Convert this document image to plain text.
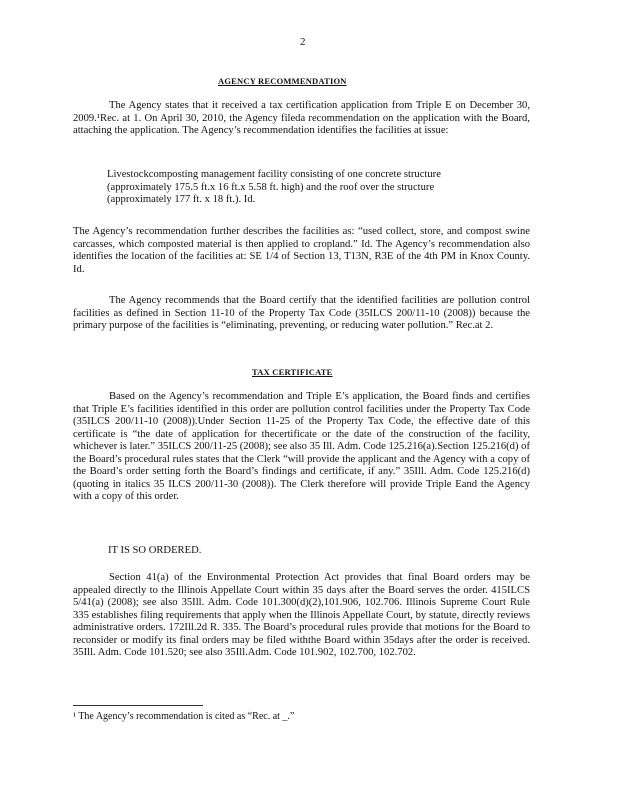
2
AGENCY RECOMMENDATION
The Agency states that it received a tax certification application from Triple E on December 30, 2009.¹Rec. at 1. On April 30, 2010, the Agency fileda recommendation on the application with the Board, attaching the application. The Agency’s recommendation identifies the facilities at issue:
Livestockcomposting management facility consisting of one concrete structure (approximately 175.5 ft.x 16 ft.x 5.58 ft. high) and the roof over the structure (approximately 177 ft. x 18 ft.). Id.
The Agency’s recommendation further describes the facilities as: “used collect, store, and compost swine carcasses, which composted material is then applied to cropland.” Id. The Agency’s recommendation also identifies the location of the facilities at: SE 1/4 of Section 13, T13N, R3E of the 4th PM in Knox County. Id.
The Agency recommends that the Board certify that the identified facilities are pollution control facilities as defined in Section 11-10 of the Property Tax Code (35ILCS 200/11-10 (2008)) because the primary purpose of the facilities is “eliminating, preventing, or reducing water pollution.” Rec.at 2.
TAX CERTIFICATE
Based on the Agency’s recommendation and Triple E’s application, the Board finds and certifies that Triple E’s facilities identified in this order are pollution control facilities under the Property Tax Code (35ILCS 200/11-10 (2008)).Under Section 11-25 of the Property Tax Code, the effective date of this certificate is “the date of application for thecertificate or the date of the construction of the facility, whichever is later.” 35ILCS 200/11-25 (2008); see also 35 Ill. Adm. Code 125.216(a).Section 125.216(d) of the Board’s procedural rules states that the Clerk “will provide the applicant and the Agency with a copy of the Board’s order setting forth the Board’s findings and certificate, if any.” 35Ill. Adm. Code 125.216(d) (quoting in italics 35 ILCS 200/11-30 (2008)). The Clerk therefore will provide Triple Eand the Agency with a copy of this order.
IT IS SO ORDERED.
Section 41(a) of the Environmental Protection Act provides that final Board orders may be appealed directly to the Illinois Appellate Court within 35 days after the Board serves the order. 415ILCS 5/41(a) (2008); see also 35Ill. Adm. Code 101.300(d)(2),101.906, 102.706. Illinois Supreme Court Rule 335 establishes filing requirements that apply when the Illinois Appellate Court, by statute, directly reviews administrative orders. 172Ill.2d R. 335. The Board’s procedural rules provide that motions for the Board to reconsider or modify its final orders may be filed withthe Board within 35days after the order is received. 35Ill. Adm. Code 101.520; see also 35Ill.Adm. Code 101.902, 102.700, 102.702.
¹ The Agency’s recommendation is cited as “Rec. at _.”
